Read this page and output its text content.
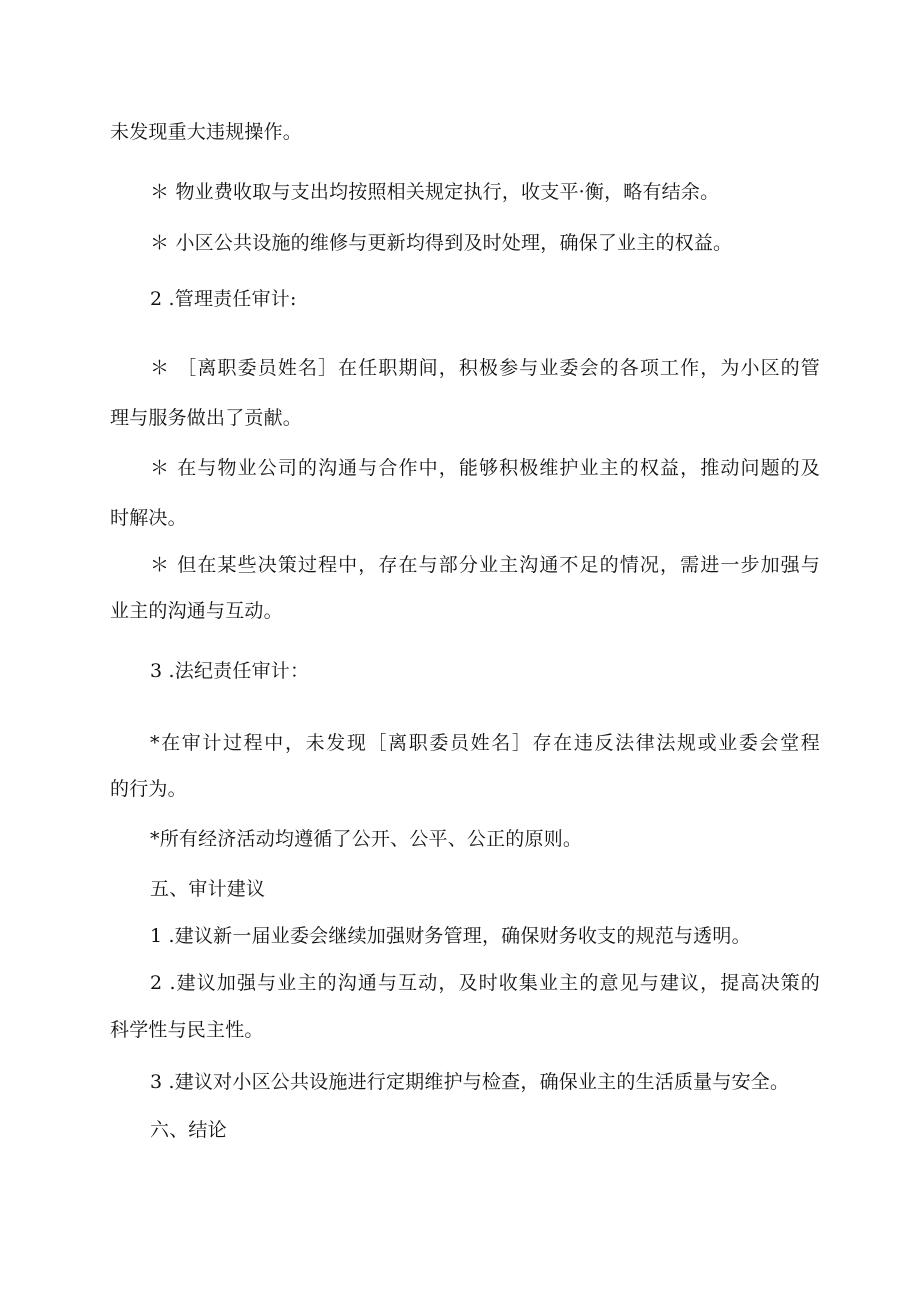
未发现重大违规操作。
＊ 物业费收取与支出均按照相关规定执行，收支平·衡，略有结余。
＊ 小区公共设施的维修与更新均得到及时处理，确保了业主的权益。
2 .管理责任审计:
＊ ［离职委员姓名］在任职期间，积极参与业委会的各项工作，为小区的管
理与服务做出了贡献。
＊ 在与物业公司的沟通与合作中，能够积极维护业主的权益，推动问题的及
时解决。
＊ 但在某些决策过程中，存在与部分业主沟通不足的情况，需进一步加强与
业主的沟通与互动。
3 .法纪责任审计：
*在审计过程中，未发现［离职委员姓名］存在违反法律法规或业委会堂程
的行为。
*所有经济活动均遵循了公开、公平、公正的原则。
五、审计建议
1 .建议新一届业委会继续加强财务管理，确保财务收支的规范与透明。
2 .建议加强与业主的沟通与互动，及时收集业主的意见与建议，提高决策的
科学性与民主性。
3 .建议对小区公共设施进行定期维护与检查，确保业主的生活质量与安全。
六、结论
